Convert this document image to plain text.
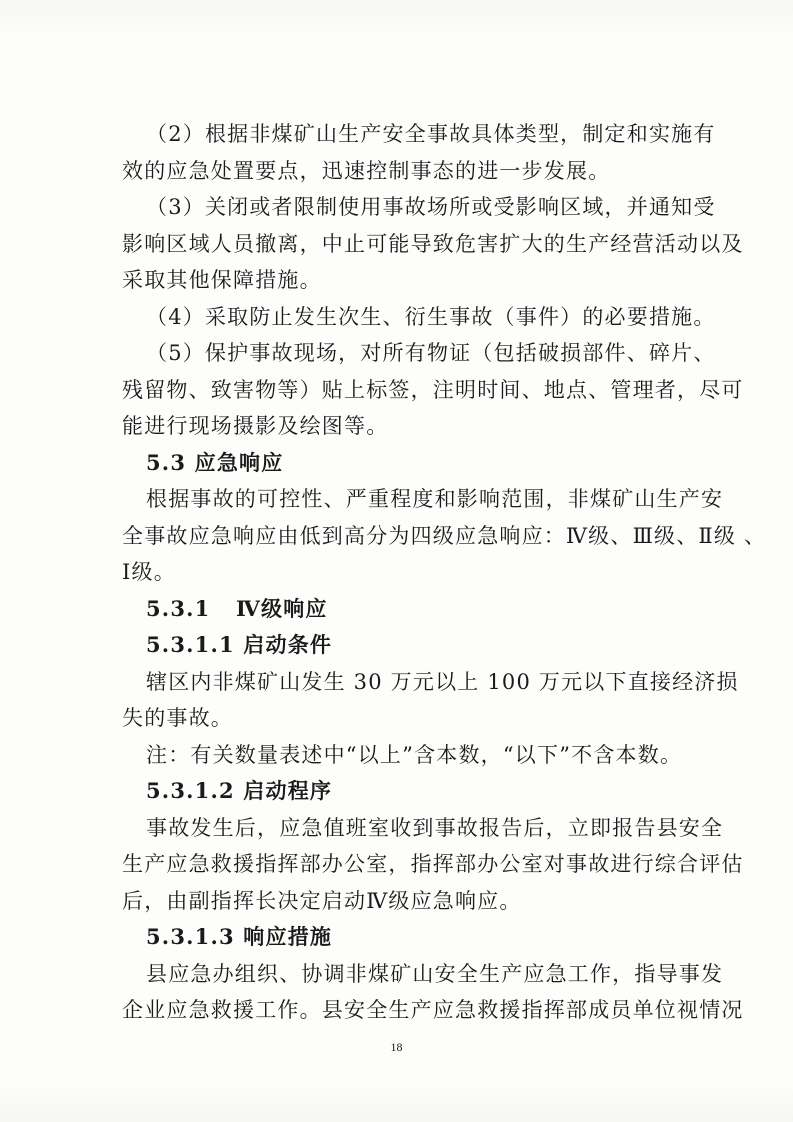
（2）根据非煤矿山生产安全事故具体类型，制定和实施有
效的应急处置要点，迅速控制事态的进一步发展。
（3）关闭或者限制使用事故场所或受影响区域，并通知受
影响区域人员撤离，中止可能导致危害扩大的生产经营活动以及
采取其他保障措施。
（4）采取防止发生次生、衍生事故（事件）的必要措施。
（5）保护事故现场，对所有物证（包括破损部件、碎片、
残留物、致害物等）贴上标签，注明时间、地点、管理者，尽可
能进行现场摄影及绘图等。
5.3 应急响应
根据事故的可控性、严重程度和影响范围，非煤矿山生产安
全事故应急响应由低到高分为四级应急响应：Ⅳ级、Ⅲ级、Ⅱ级 、
Ⅰ级。
5.3.1   Ⅳ级响应
5.3.1.1 启动条件
辖区内非煤矿山发生 30 万元以上 100 万元以下直接经济损
失的事故。
注：有关数量表述中“以上”含本数，“以下”不含本数。
5.3.1.2 启动程序
事故发生后，应急值班室收到事故报告后，立即报告县安全
生产应急救援指挥部办公室，指挥部办公室对事故进行综合评估
后，由副指挥长决定启动Ⅳ级应急响应。
5.3.1.3 响应措施
县应急办组织、协调非煤矿山安全生产应急工作，指导事发
企业应急救援工作。县安全生产应急救援指挥部成员单位视情况
18
